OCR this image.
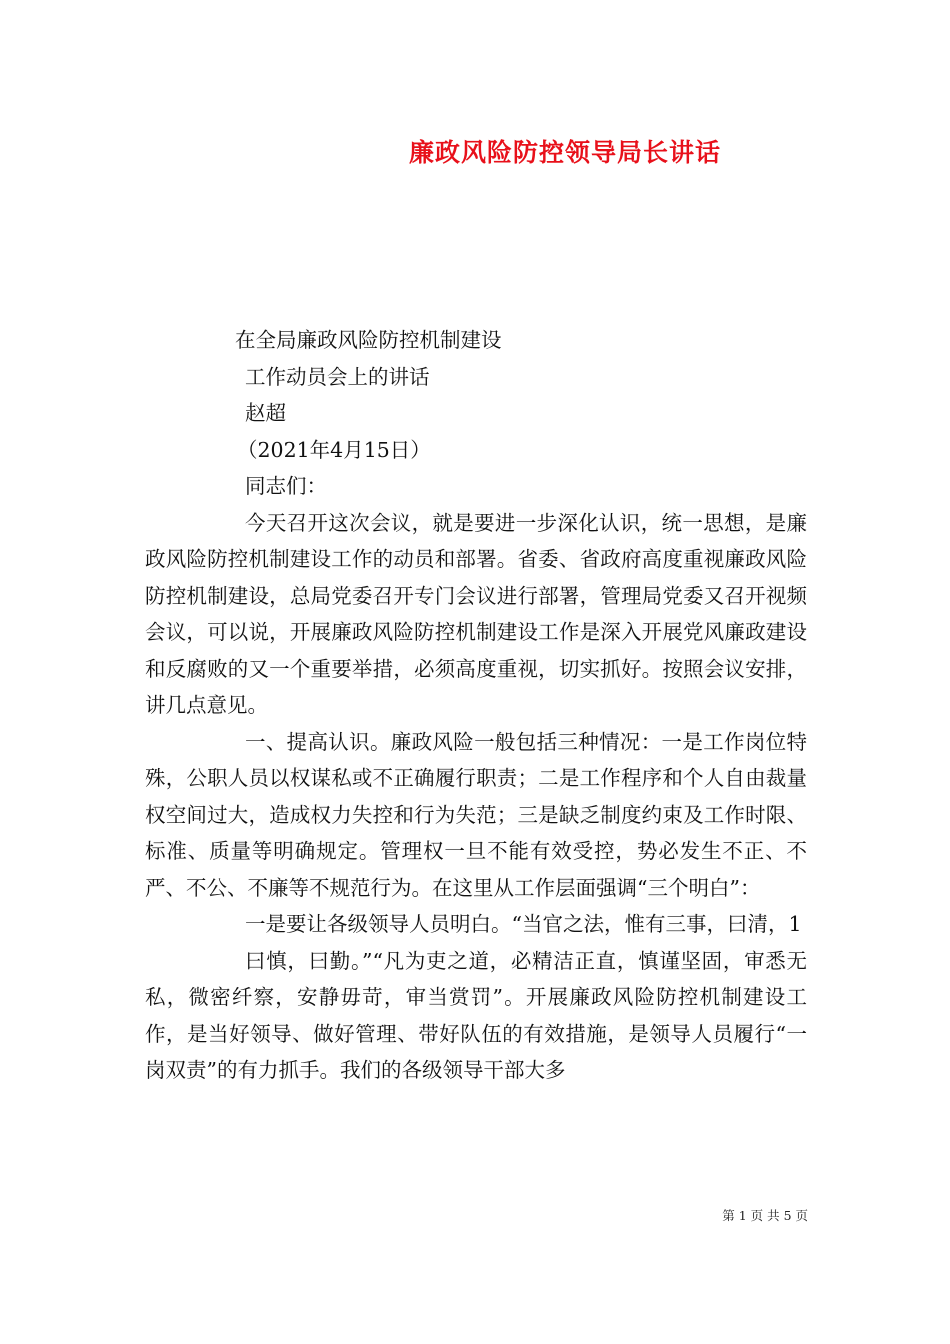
廉政风险防控领导局长讲话
在全局廉政风险防控机制建设
工作动员会上的讲话
赵超
（2021年4月15日）
同志们：

今天召开这次会议，就是要进一步深化认识，统一思想，是廉政风险防控机制建设工作的动员和部署。省委、省政府高度重视廉政风险防控机制建设，总局党委召开专门会议进行部署，管理局党委又召开视频会议，可以说，开展廉政风险防控机制建设工作是深入开展党风廉政建设和反腐败的又一个重要举措，必须高度重视，切实抓好。按照会议安排，讲几点意见。

一、提高认识。廉政风险一般包括三种情况：一是工作岗位特殊，公职人员以权谋私或不正确履行职责；二是工作程序和个人自由裁量权空间过大，造成权力失控和行为失范；三是缺乏制度约束及工作时限、标准、质量等明确规定。管理权一旦不能有效受控，势必发生不正、不严、不公、不廉等不规范行为。在这里从工作层面强调“三个明白”：

一是要让各级领导人员明白。“当官之法，惟有三事，曰清，1

曰慎，曰勤。”“凡为吏之道，必精洁正直，慎谨坚固，审悉无私，微密纤察，安静毋苛，审当赏罚”。开展廉政风险防控机制建设工作，是当好领导、做好管理、带好队伍的有效措施，是领导人员履行“一岗双责”的有力抓手。我们的各级领导干部大多

第 1 页 共 5 页
